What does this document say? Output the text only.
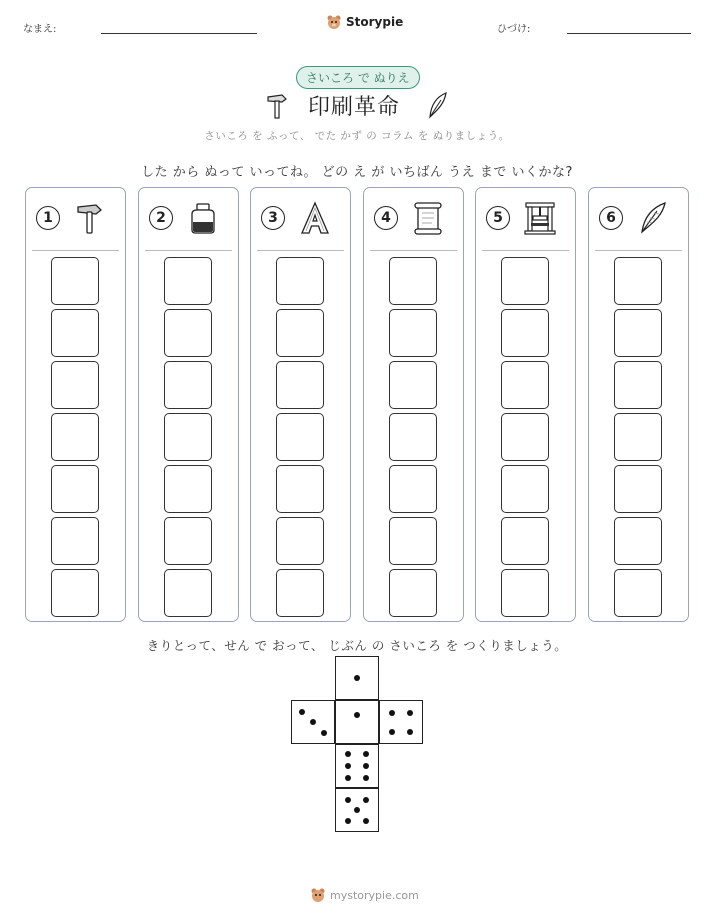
なまえ:
Storypie
ひづけ:
さいころ で ぬりえ
印刷革命
さいころ を ふって、 でた かず の コラム を ぬりましょう。
した から ぬって いってね。 どの え が いちばん うえ まで いくかな?
1	2	3	4	5	6
きりとって、せん で おって、 じぶん の さいころ を つくりましょう。
mystorypie.com
